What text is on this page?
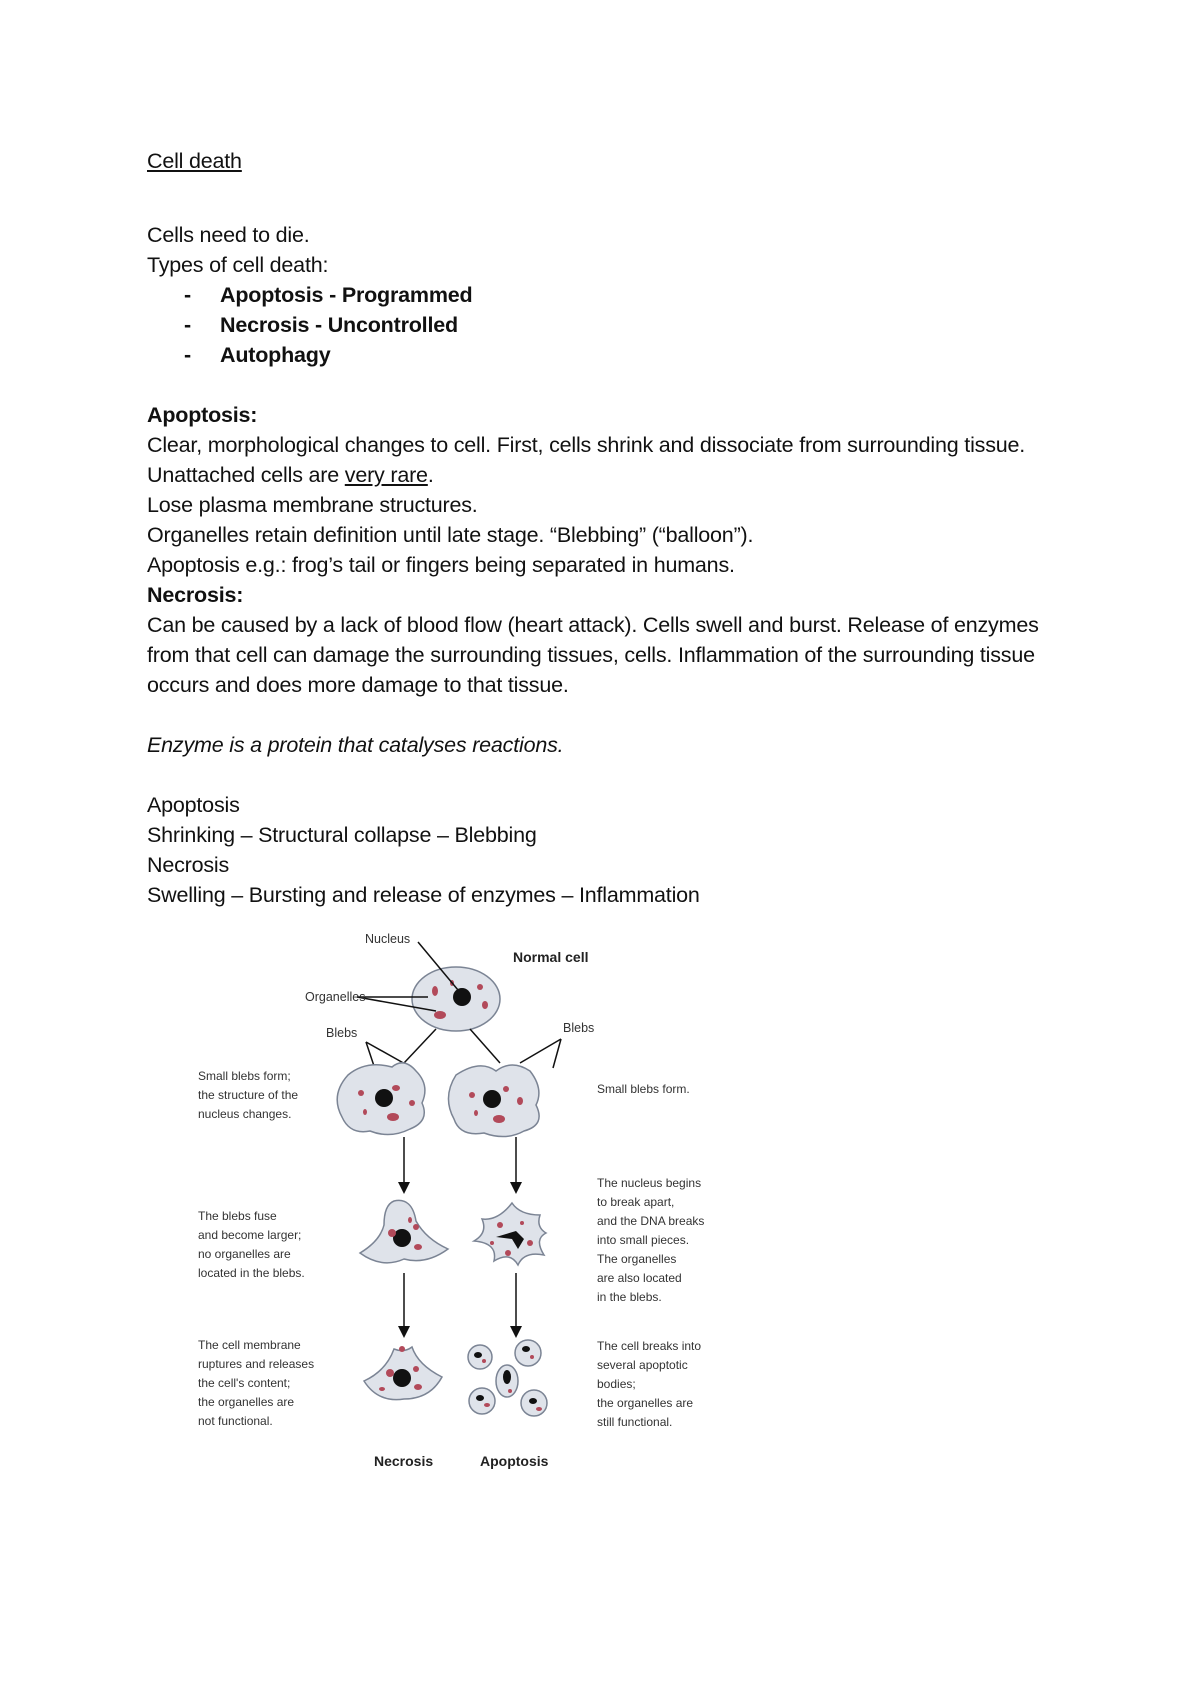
Cell death

Cells need to die.

Types of cell death:

- Apoptosis - Programmed
- Necrosis - Uncontrolled
- Autophagy

Apoptosis:

Clear, morphological changes to cell. First, cells shrink and dissociate from surrounding tissue. Unattached cells are very rare.

Lose plasma membrane structures.

Organelles retain definition until late stage. “Blebbing” (“balloon”).

Apoptosis e.g.: frog’s tail or fingers being separated in humans.

Necrosis:

Can be caused by a lack of blood flow (heart attack). Cells swell and burst. Release of enzymes from that cell can damage the surrounding tissues, cells. Inflammation of the surrounding tissue occurs and does more damage to that tissue.

Enzyme is a protein that catalyses reactions.

Apoptosis

Shrinking – Structural collapse – Blebbing

Necrosis

Swelling – Bursting and release of enzymes – Inflammation

Nucleus
Normal cell
Organelles
Blebs	Blebs
Small blebs form; the structure of the nucleus changes.
Small blebs form.
The blebs fuse and become larger; no organelles are located in the blebs.
The nucleus begins to break apart, and the DNA breaks into small pieces. The organelles are also located in the blebs.
The cell membrane ruptures and releases the cell's content; the organelles are not functional.
The cell breaks into several apoptotic bodies; the organelles are still functional.
Necrosis	Apoptosis
